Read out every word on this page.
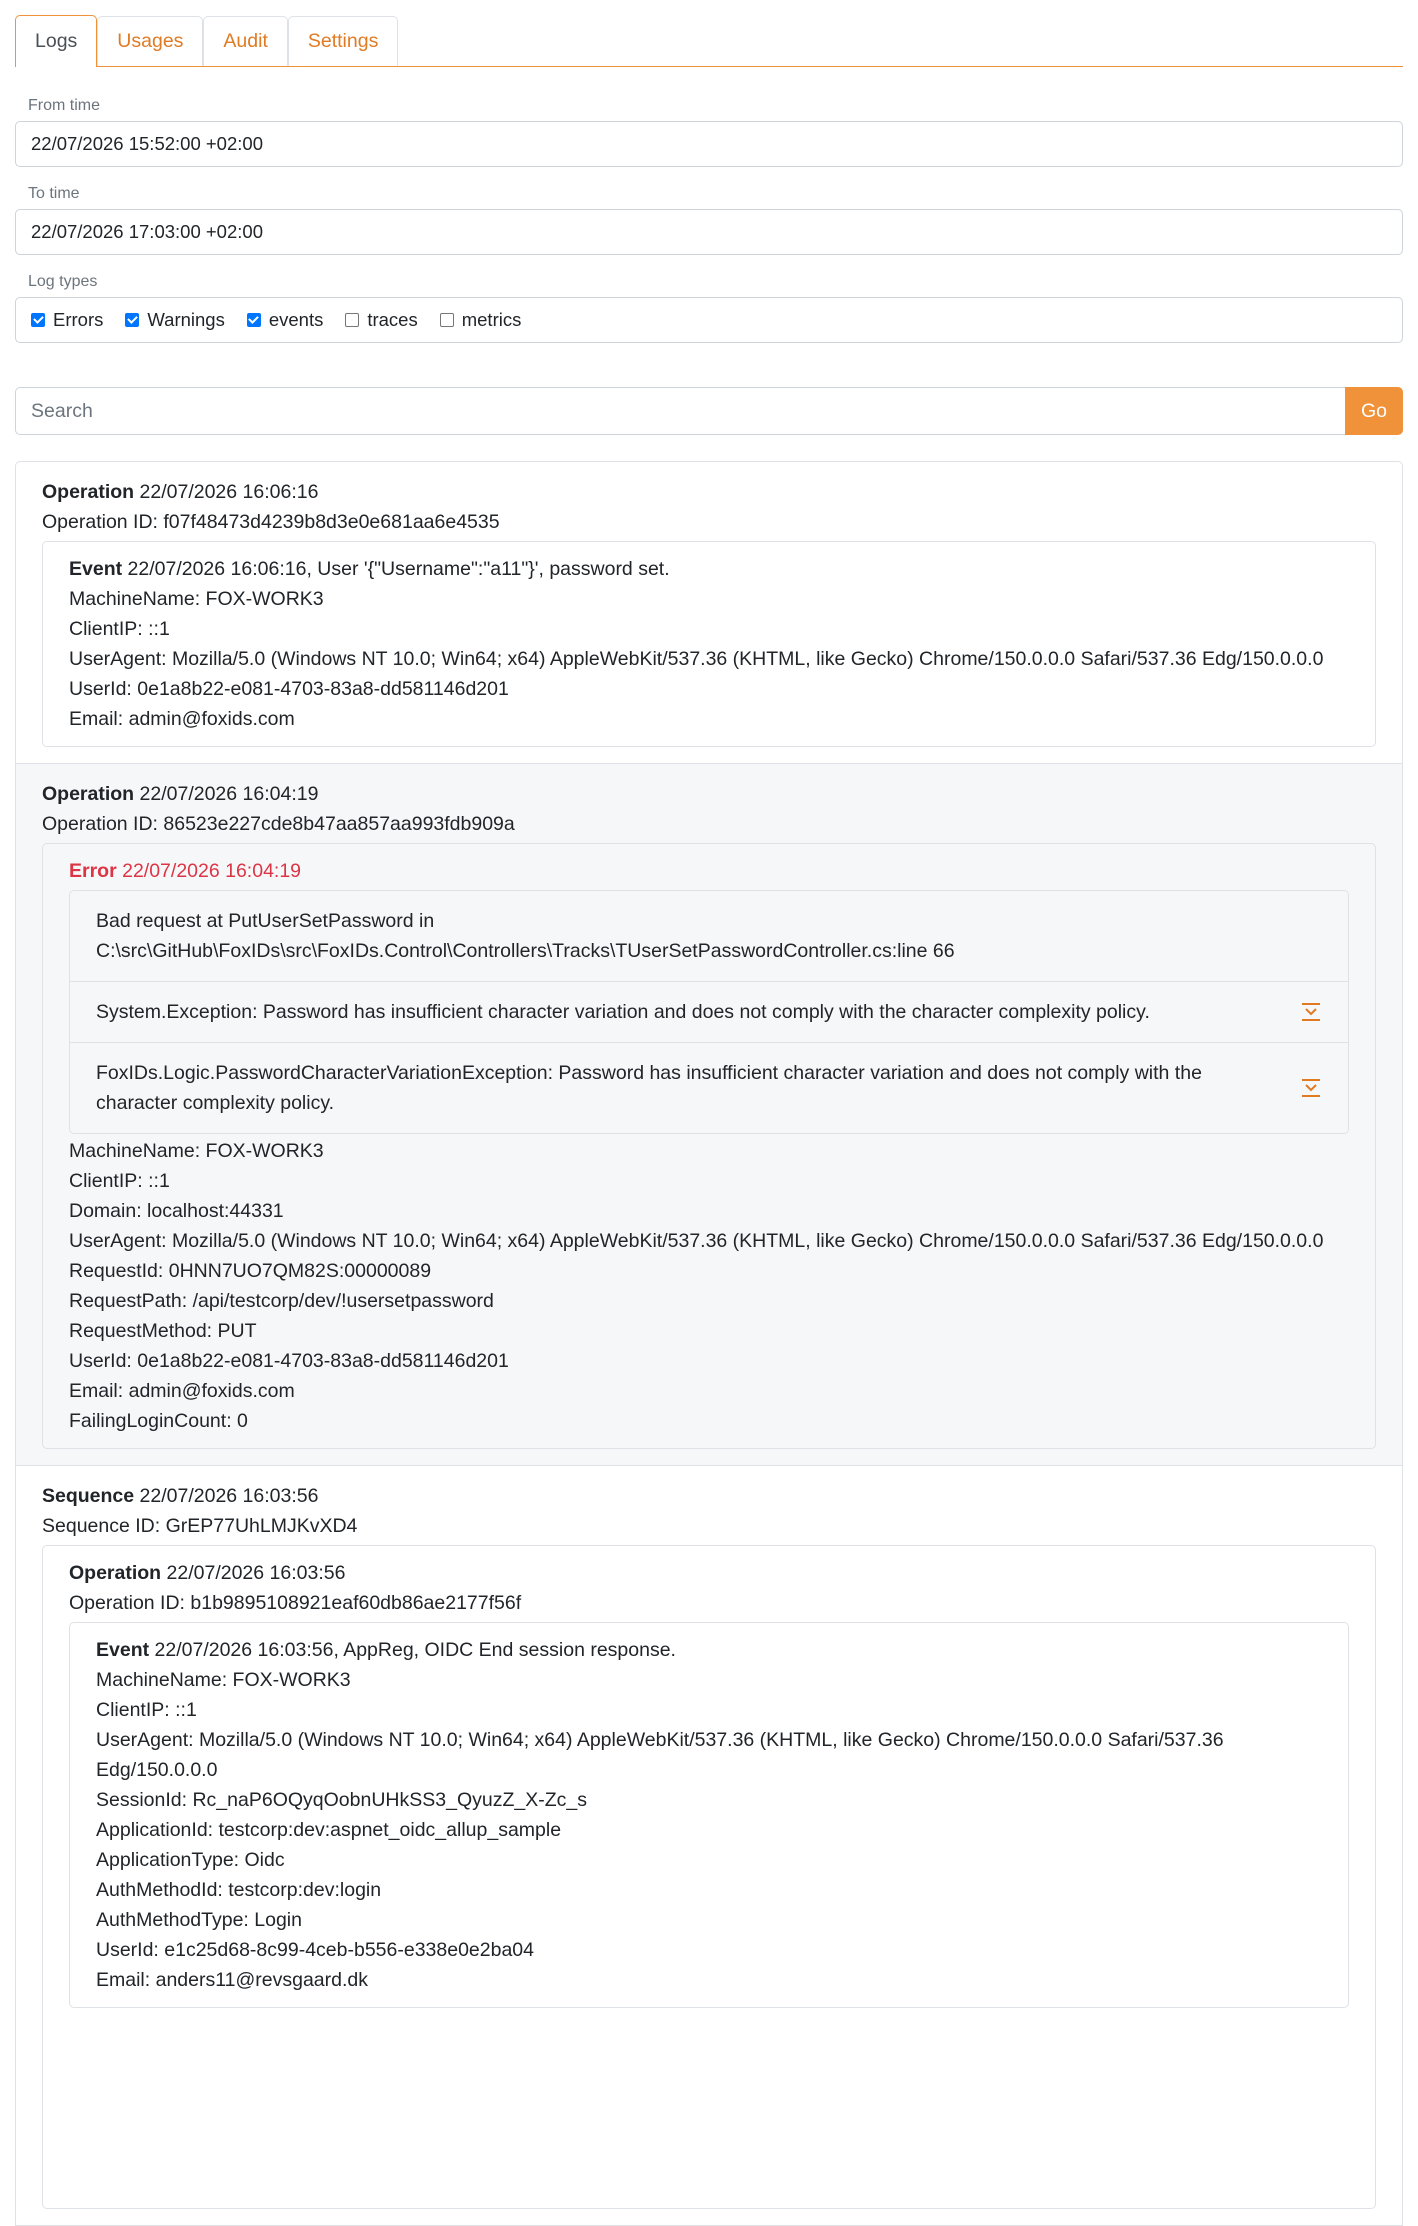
Logs	Usages	Audit	Settings
From time
22/07/2026 15:52:00 +02:00
To time
22/07/2026 17:03:00 +02:00
Log types
Errors Warnings events traces metrics
Search	Go
Operation 22/07/2026 16:06:16
Operation ID: f07f48473d4239b8d3e0e681aa6e4535
Event 22/07/2026 16:06:16, User '{"Username":"a11"}', password set.
MachineName: FOX-WORK3
ClientIP: ::1
UserAgent: Mozilla/5.0 (Windows NT 10.0; Win64; x64) AppleWebKit/537.36 (KHTML, like Gecko) Chrome/150.0.0.0 Safari/537.36 Edg/150.0.0.0
UserId: 0e1a8b22-e081-4703-83a8-dd581146d201
Email: admin@foxids.com
Operation 22/07/2026 16:04:19
Operation ID: 86523e227cde8b47aa857aa993fdb909a
Error 22/07/2026 16:04:19
Bad request at PutUserSetPassword in
C:\src\GitHub\FoxIDs\src\FoxIDs.Control\Controllers\Tracks\TUserSetPasswordController.cs:line 66
System.Exception: Password has insufficient character variation and does not comply with the character complexity policy.
FoxIDs.Logic.PasswordCharacterVariationException: Password has insufficient character variation and does not comply with the character complexity policy.
MachineName: FOX-WORK3
ClientIP: ::1
Domain: localhost:44331
UserAgent: Mozilla/5.0 (Windows NT 10.0; Win64; x64) AppleWebKit/537.36 (KHTML, like Gecko) Chrome/150.0.0.0 Safari/537.36 Edg/150.0.0.0
RequestId: 0HNN7UO7QM82S:00000089
RequestPath: /api/testcorp/dev/!usersetpassword
RequestMethod: PUT
UserId: 0e1a8b22-e081-4703-83a8-dd581146d201
Email: admin@foxids.com
FailingLoginCount: 0
Sequence 22/07/2026 16:03:56
Sequence ID: GrEP77UhLMJKvXD4
Operation 22/07/2026 16:03:56
Operation ID: b1b9895108921eaf60db86ae2177f56f
Event 22/07/2026 16:03:56, AppReg, OIDC End session response.
MachineName: FOX-WORK3
ClientIP: ::1
UserAgent: Mozilla/5.0 (Windows NT 10.0; Win64; x64) AppleWebKit/537.36 (KHTML, like Gecko) Chrome/150.0.0.0 Safari/537.36 Edg/150.0.0.0
SessionId: Rc_naP6OQyqOobnUHkSS3_QyuzZ_X-Zc_s
ApplicationId: testcorp:dev:aspnet_oidc_allup_sample
ApplicationType: Oidc
AuthMethodId: testcorp:dev:login
AuthMethodType: Login
UserId: e1c25d68-8c99-4ceb-b556-e338e0e2ba04
Email: anders11@revsgaard.dk
